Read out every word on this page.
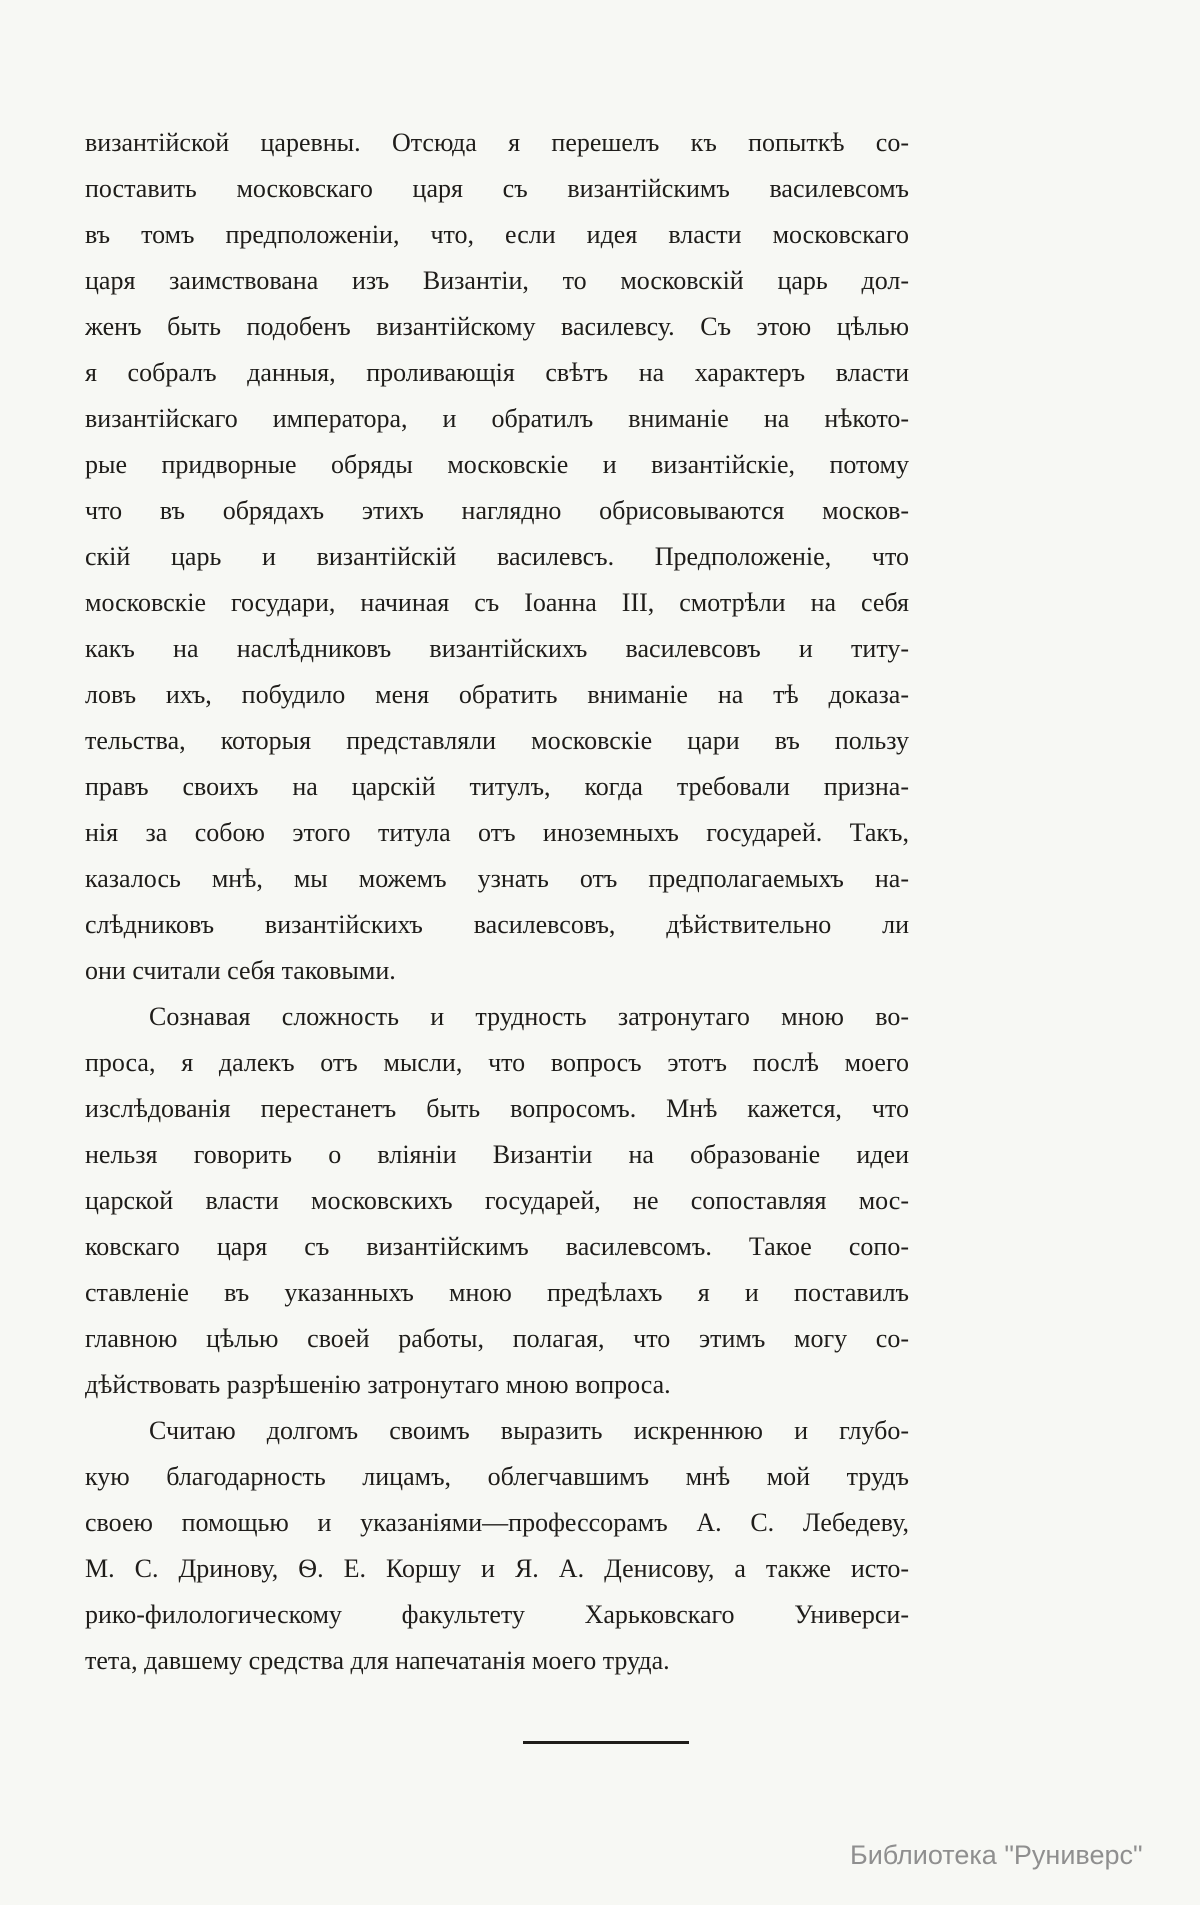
византійской царевны. Отсюда я перешелъ къ попыткѣ со-
поставить московскаго царя съ византійскимъ василевсомъ
въ томъ предположеніи, что, если идея власти московскаго
царя заимствована изъ Византіи, то московскій царь дол-
женъ быть подобенъ византійскому василевсу. Съ этою цѣлью
я собралъ данныя, проливающія свѣтъ на характеръ власти
византійскаго императора, и обратилъ вниманіе на нѣкото-
рые придворные обряды московскіе и византійскіе, потому
что въ обрядахъ этихъ наглядно обрисовываются москов-
скій царь и византійскій василевсъ. Предположеніе, что
московскіе государи, начиная съ Іоанна III, смотрѣли на себя
какъ на наслѣдниковъ византійскихъ василевсовъ и титу-
ловъ ихъ, побудило меня обратить вниманіе на тѣ доказа-
тельства, которыя представляли московскіе цари въ пользу
правъ своихъ на царскій титулъ, когда требовали призна-
нія за собою этого титула отъ иноземныхъ государей. Такъ,
казалось мнѣ, мы можемъ узнать отъ предполагаемыхъ на-
слѣдниковъ византійскихъ василевсовъ, дѣйствительно ли
они считали себя таковыми.
Сознавая сложность и трудность затронутаго мною во-
проса, я далекъ отъ мысли, что вопросъ этотъ послѣ моего
изслѣдованія перестанетъ быть вопросомъ. Мнѣ кажется, что
нельзя говорить о вліяніи Византіи на образованіе идеи
царской власти московскихъ государей, не сопоставляя мос-
ковскаго царя съ византійскимъ василевсомъ. Такое сопо-
ставленіе въ указанныхъ мною предѣлахъ я и поставилъ
главною цѣлью своей работы, полагая, что этимъ могу со-
дѣйствовать разрѣшенію затронутаго мною вопроса.
Считаю долгомъ своимъ выразить искреннюю и глубо-
кую благодарность лицамъ, облегчавшимъ мнѣ мой трудъ
своею помощью и указаніями—профессорамъ А. С. Лебедеву,
М. С. Дринову, Ѳ. Е. Коршу и Я. А. Денисову, а также исто-
рико-филологическому факультету Харьковскаго Универси-
тета, давшему средства для напечатанія моего труда.
Библиотека "Руниверс"
